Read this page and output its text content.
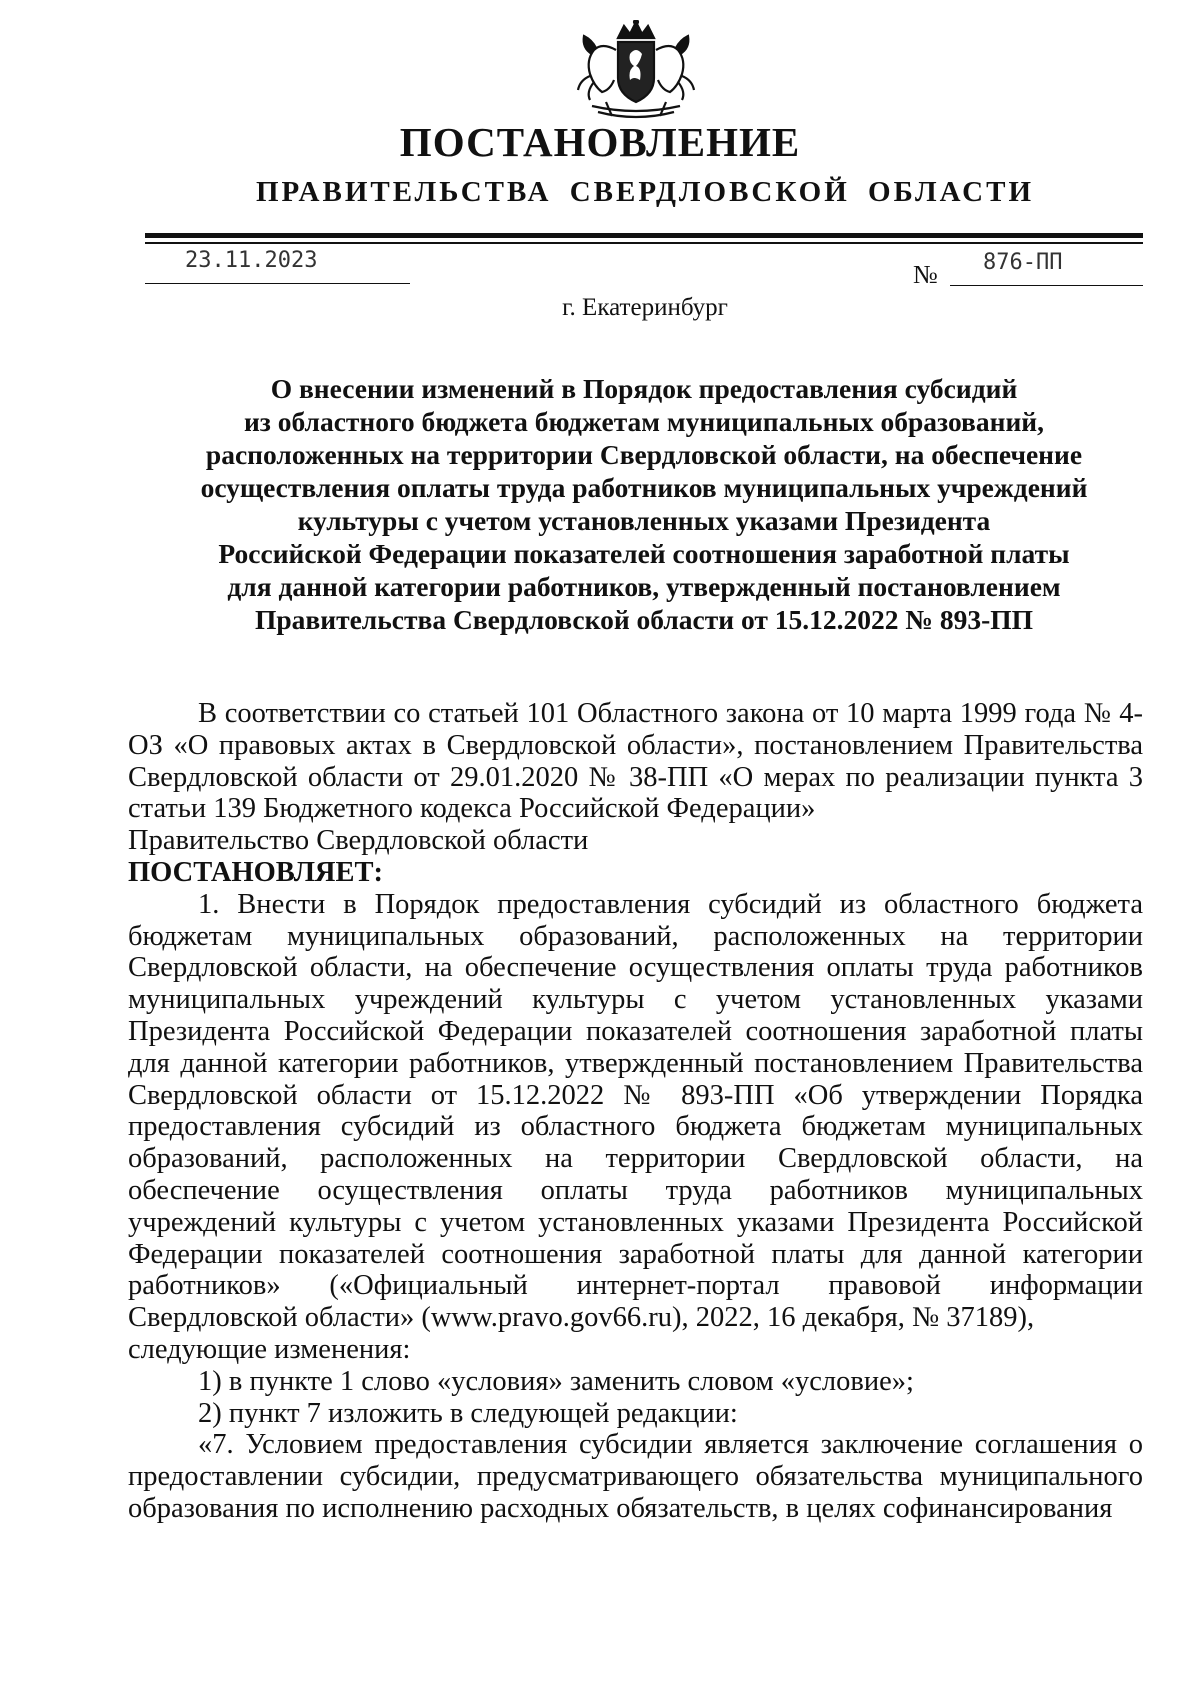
ПОСТАНОВЛЕНИЕ
ПРАВИТЕЛЬСТВА СВЕРДЛОВСКОЙ ОБЛАСТИ
23.11.2023	№ 876-ПП
г. Екатеринбург
О внесении изменений в Порядок предоставления субсидий
из областного бюджета бюджетам муниципальных образований,
расположенных на территории Свердловской области, на обеспечение
осуществления оплаты труда работников муниципальных учреждений
культуры с учетом установленных указами Президента
Российской Федерации показателей соотношения заработной платы
для данной категории работников, утвержденный постановлением
Правительства Свердловской области от 15.12.2022 № 893-ПП

В соответствии со статьей 101 Областного закона от 10 марта 1999 года № 4-ОЗ «О правовых актах в Свердловской области», постановлением Правительства Свердловской области от 29.01.2020 № 38-ПП «О мерах по реализации пункта 3 статьи 139 Бюджетного кодекса Российской Федерации»

Правительство Свердловской области

ПОСТАНОВЛЯЕТ:

1. Внести в Порядок предоставления субсидий из областного бюджета бюджетам муниципальных образований, расположенных на территории Свердловской области, на обеспечение осуществления оплаты труда работников муниципальных учреждений культуры с учетом установленных указами Президента Российской Федерации показателей соотношения заработной платы для данной категории работников, утвержденный постановлением Правительства Свердловской области от 15.12.2022 № 893-ПП «Об утверждении Порядка предоставления субсидий из областного бюджета бюджетам муниципальных образований, расположенных на территории Свердловской области, на обеспечение осуществления оплаты труда работников муниципальных учреждений культуры с учетом установленных указами Президента Российской Федерации показателей соотношения заработной платы для данной категории работников» («Официальный интернет-портал правовой информации Свердловской области» (www.pravo.gov66.ru), 2022, 16 декабря, № 37189),

следующие изменения:

1) в пункте 1 слово «условия» заменить словом «условие»;

2) пункт 7 изложить в следующей редакции:

«7. Условием предоставления субсидии является заключение соглашения о предоставлении субсидии, предусматривающего обязательства муниципального образования по исполнению расходных обязательств, в целях софинансирования
